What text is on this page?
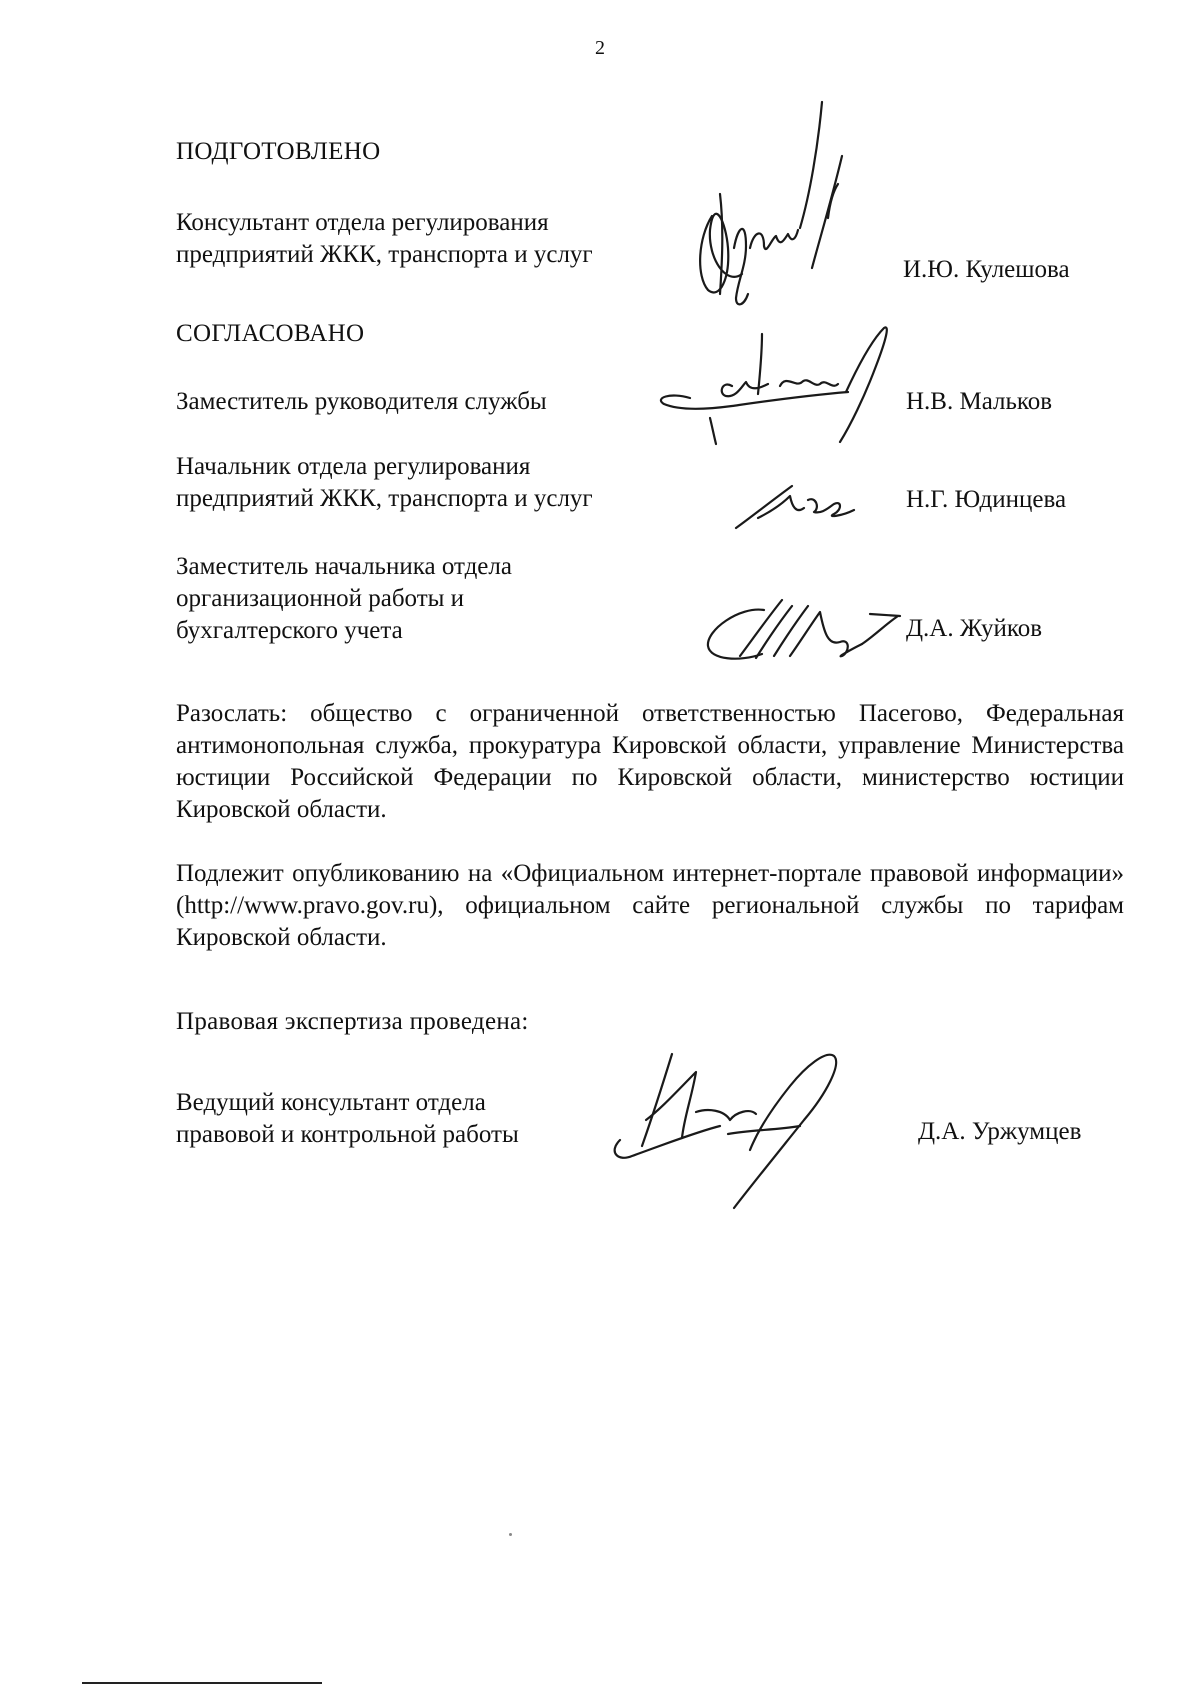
2
ПОДГОТОВЛЕНО
Консультант отдела регулирования
предприятий ЖКК, транспорта и услуг
И.Ю. Кулешова
СОГЛАСОВАНО
Заместитель руководителя службы	Н.В. Мальков
Начальник отдела регулирования
предприятий ЖКК, транспорта и услуг	Н.Г. Юдинцева
Заместитель начальника отдела
организационной работы и
бухгалтерского учета	Д.А. Жуйков

Разослать: общество с ограниченной ответственностью Пасегово, Федеральная антимонопольная служба, прокуратура Кировской области, управление Министерства юстиции Российской Федерации по Кировской области, министерство юстиции Кировской области.

Подлежит опубликованию на «Официальном интернет-портале правовой информации» (http://www.pravo.gov.ru), официальном сайте региональной службы по тарифам Кировской области.

Правовая экспертиза проведена:
Ведущий консультант отдела
правовой и контрольной работы	Д.А. Уржумцев
